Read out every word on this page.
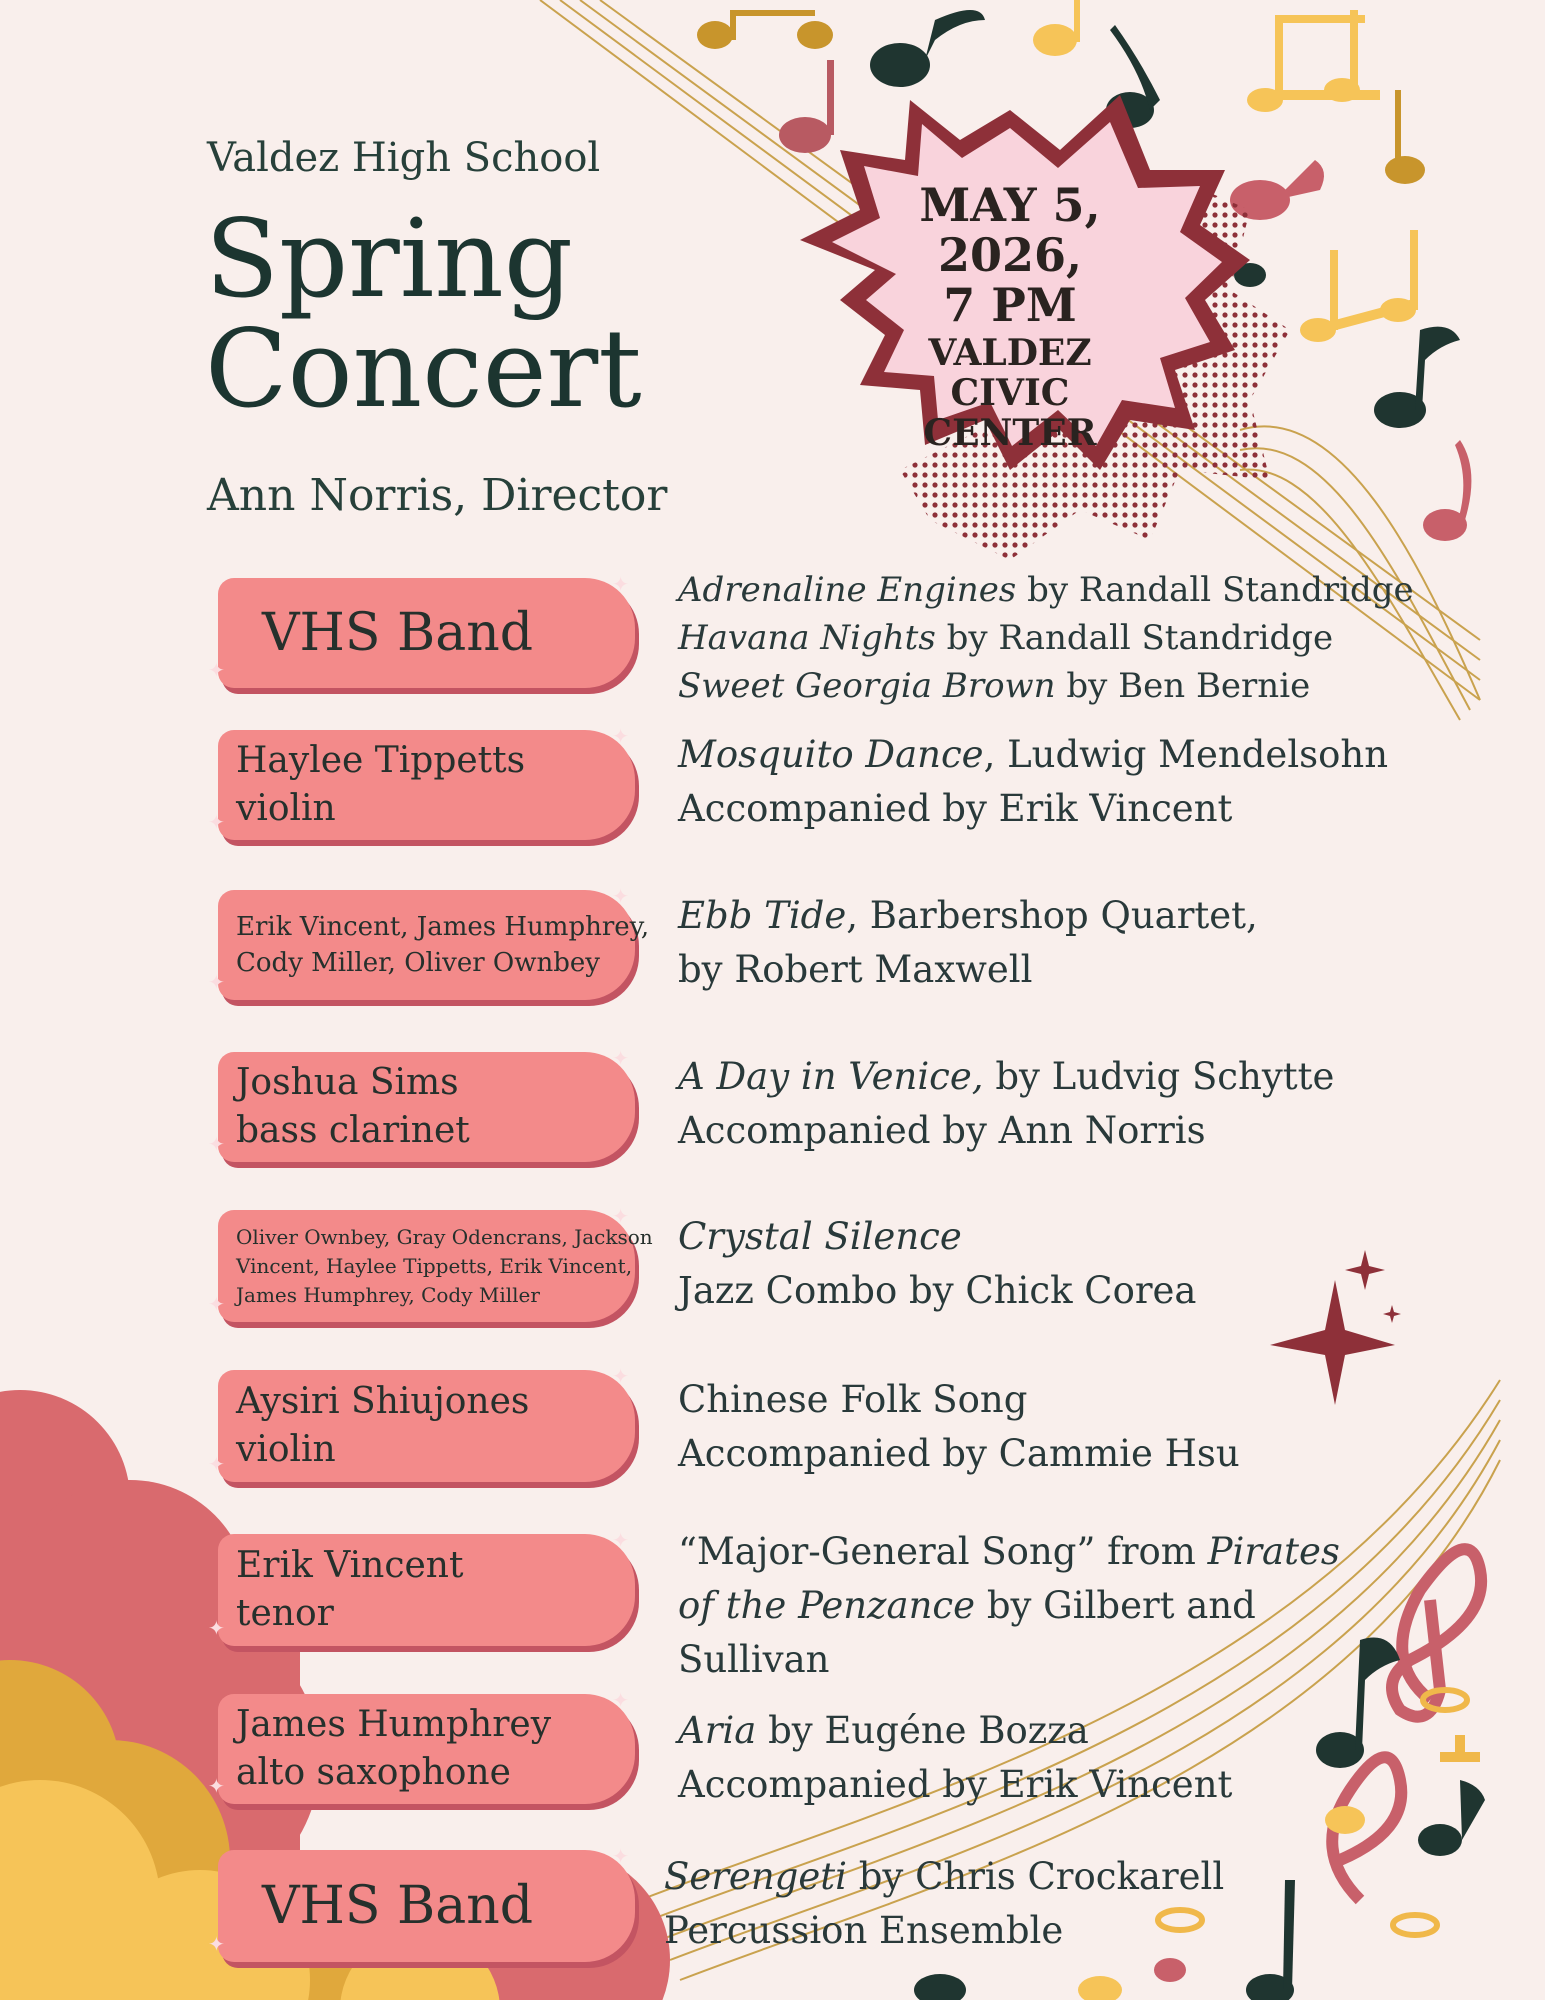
Valdez High School
Spring
Concert
Ann Norris, Director
MAY 5,
2026,
7 PM
VALDEZ
CIVIC
CENTER
✦
✦
VHS Band
Adrenaline Engines by Randall Standridge
Havana Nights by Randall Standridge
Sweet Georgia Brown by Ben Bernie
✦
✦
Haylee Tippetts
violin
Mosquito Dance, Ludwig Mendelsohn
Accompanied by Erik Vincent
✦
✦
Erik Vincent, James Humphrey,
Cody Miller, Oliver Ownbey
Ebb Tide, Barbershop Quartet,
by Robert Maxwell
✦
✦
Joshua Sims
bass clarinet
A Day in Venice, by Ludvig Schytte
Accompanied by Ann Norris
✦
✦
Oliver Ownbey, Gray Odencrans, Jackson
Vincent, Haylee Tippetts, Erik Vincent,
James Humphrey, Cody Miller
Crystal Silence
Jazz Combo by Chick Corea
✦
✦
Aysiri Shiujones
violin
Chinese Folk Song
Accompanied by Cammie Hsu
✦
✦
Erik Vincent
tenor
“Major-General Song” from Pirates
of the Penzance by Gilbert and
Sullivan
✦
✦
James Humphrey
alto saxophone
Aria by Eugéne Bozza
Accompanied by Erik Vincent
✦
✦
VHS Band	Serengeti by Chris Crockarell
Percussion Ensemble
